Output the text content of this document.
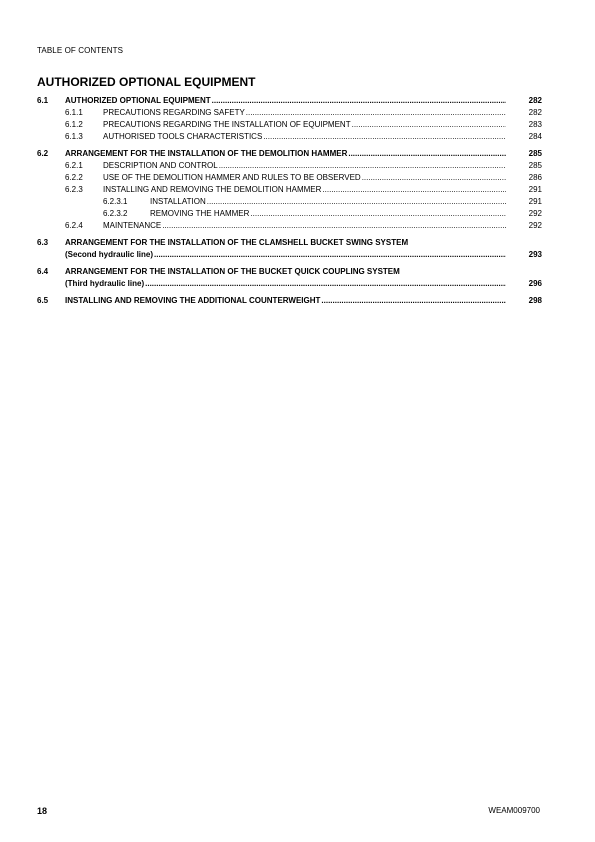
TABLE OF CONTENTS
AUTHORIZED OPTIONAL EQUIPMENT
6.1 AUTHORIZED OPTIONAL EQUIPMENT .....	282
6.1.1	PRECAUTIONS REGARDING SAFETY .....	282
6.1.2	PRECAUTIONS REGARDING THE INSTALLATION OF EQUIPMENT .....	283
6.1.3	AUTHORISED TOOLS CHARACTERISTICS .....	284
6.2 ARRANGEMENT FOR THE INSTALLATION OF THE DEMOLITION HAMMER .....	285
6.2.1	DESCRIPTION AND CONTROL .....	285
6.2.2	USE OF THE DEMOLITION HAMMER AND RULES TO BE OBSERVED .....	286
6.2.3	INSTALLING AND REMOVING THE DEMOLITION HAMMER .....	291
6.2.3.1	INSTALLATION .....	291
6.2.3.2	REMOVING THE HAMMER .....	292
6.2.4	MAINTENANCE .....	292
6.3 ARRANGEMENT FOR THE INSTALLATION OF THE CLAMSHELL BUCKET SWING SYSTEM
(Second hydraulic line) .....	293
6.4 ARRANGEMENT FOR THE INSTALLATION OF THE BUCKET QUICK COUPLING SYSTEM
(Third hydraulic line) .....	296
6.5 INSTALLING AND REMOVING THE ADDITIONAL COUNTERWEIGHT .....	298
18	WEAM009700
